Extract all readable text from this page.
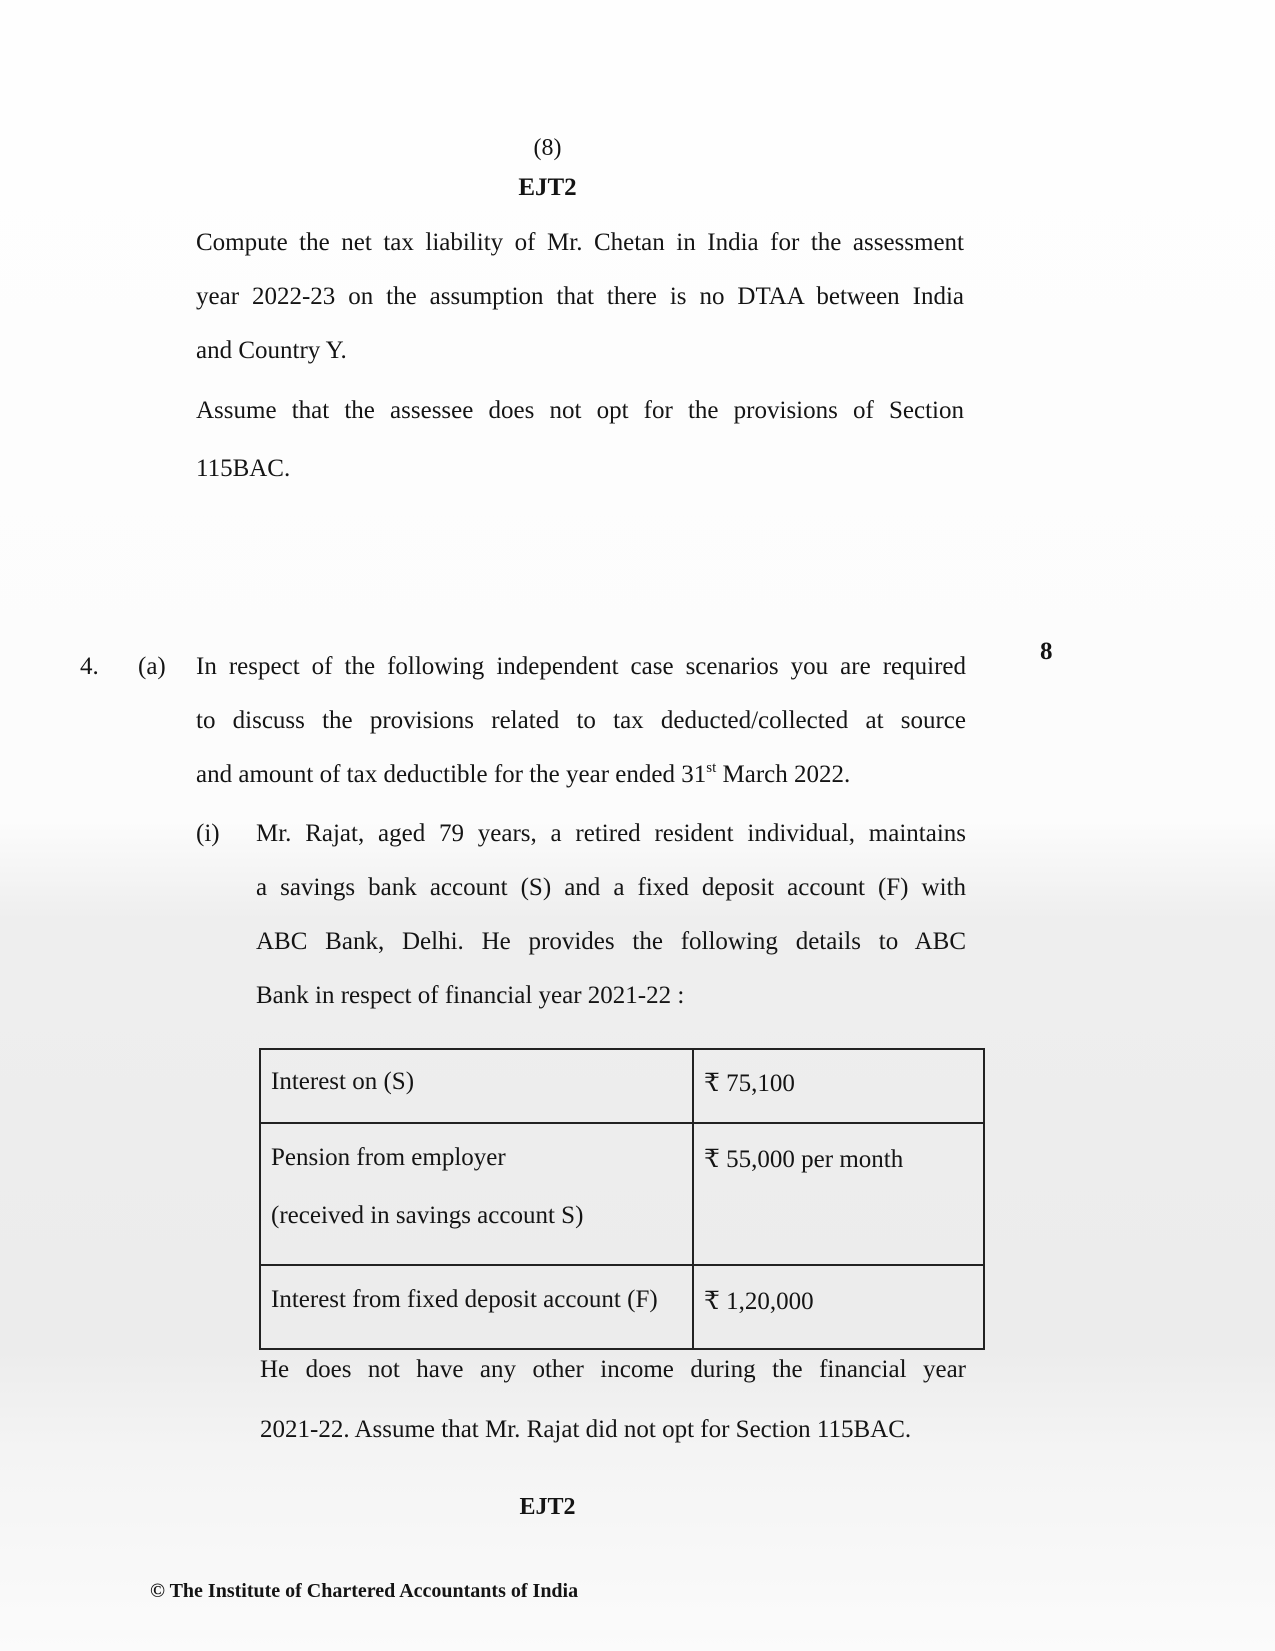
(8)
EJT2
Compute the net tax liability of Mr. Chetan in India for the assessment
year 2022-23 on the assumption that there is no DTAA between India
and Country Y.
Assume that the assessee does not opt for the provisions of Section
115BAC.
8
4. (a) In respect of the following independent case scenarios you are required
to discuss the provisions related to tax deducted/collected at source
and amount of tax deductible for the year ended 31st March 2022.
(i) Mr. Rajat, aged 79 years, a retired resident individual, maintains
a savings bank account (S) and a fixed deposit account (F) with
ABC Bank, Delhi. He provides the following details to ABC
Bank in respect of financial year 2021-22 :
Interest on (S)	₹ 75,100

Pension from employer
(received in savings account S)	₹ 55,000 per month

Interest from fixed deposit account (F)	₹ 1,20,000
He does not have any other income during the financial year
2021-22. Assume that Mr. Rajat did not opt for Section 115BAC.
EJT2
© The Institute of Chartered Accountants of India
